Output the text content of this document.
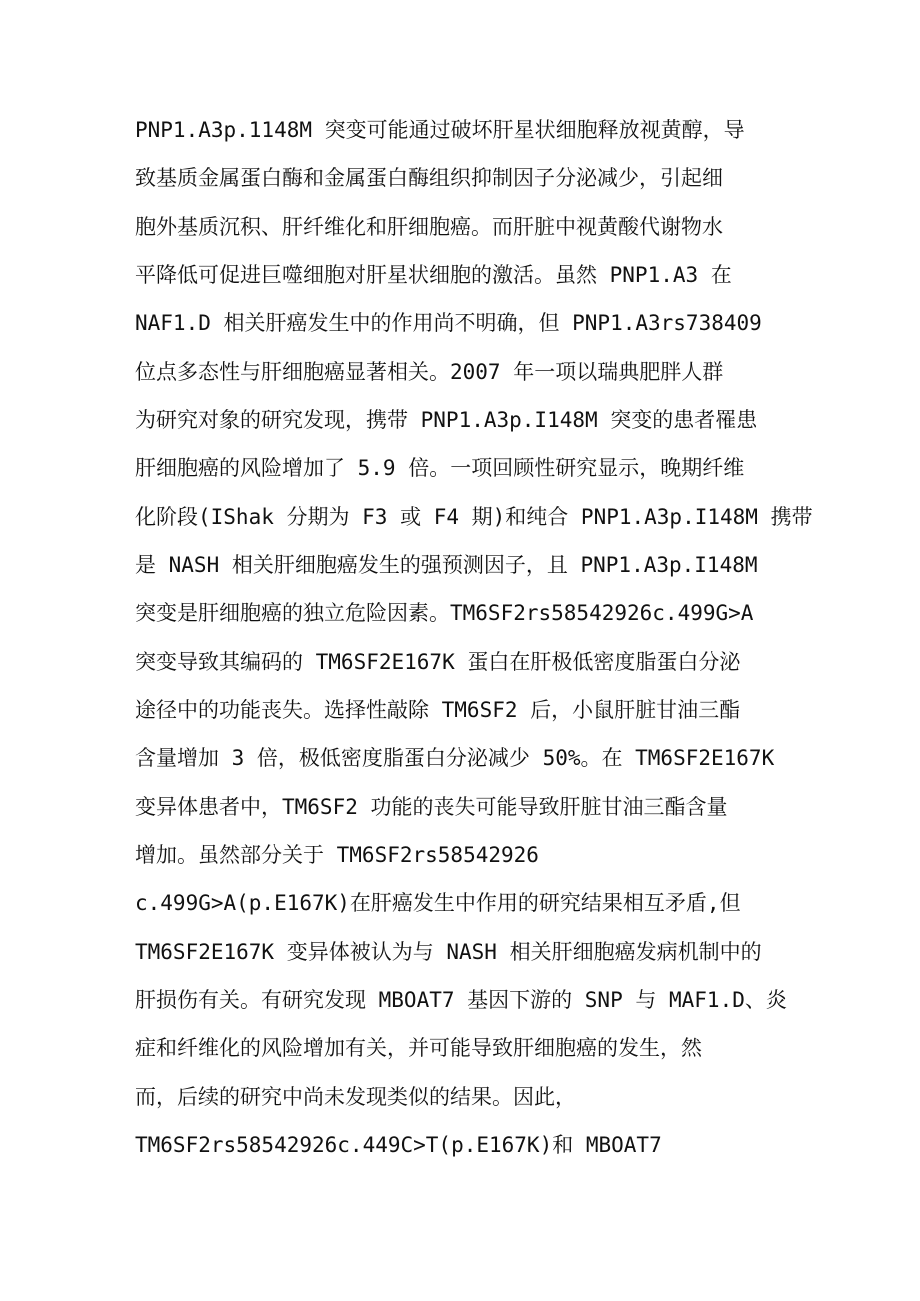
PNP1.A3p.1148M 突变可能通过破坏肝星状细胞释放视黄醇，导
致基质金属蛋白酶和金属蛋白酶组织抑制因子分泌减少，引起细
胞外基质沉积、肝纤维化和肝细胞癌。而肝脏中视黄酸代谢物水
平降低可促进巨噬细胞对肝星状细胞的激活。虽然 PNP1.A3 在
NAF1.D 相关肝癌发生中的作用尚不明确，但 PNP1.A3rs738409
位点多态性与肝细胞癌显著相关。2007 年一项以瑞典肥胖人群
为研究对象的研究发现，携带 PNP1.A3p.I148M 突变的患者罹患
肝细胞癌的风险增加了 5.9 倍。一项回顾性研究显示，晚期纤维
化阶段(IShak 分期为 F3 或 F4 期)和纯合 PNP1.A3p.I148M 携带
是 NASH 相关肝细胞癌发生的强预测因子，且 PNP1.A3p.I148M
突变是肝细胞癌的独立危险因素。TM6SF2rs58542926c.499G>A
突变导致其编码的 TM6SF2E167K 蛋白在肝极低密度脂蛋白分泌
途径中的功能丧失。选择性敲除 TM6SF2 后，小鼠肝脏甘油三酯
含量增加 3 倍，极低密度脂蛋白分泌减少 50%。在 TM6SF2E167K
变异体患者中，TM6SF2 功能的丧失可能导致肝脏甘油三酯含量
增加。虽然部分关于 TM6SF2rs58542926
c.499G>A(p.E167K)在肝癌发生中作用的研究结果相互矛盾,但
TM6SF2E167K 变异体被认为与 NASH 相关肝细胞癌发病机制中的
肝损伤有关。有研究发现 MBOAT7 基因下游的 SNP 与 MAF1.D、炎
症和纤维化的风险增加有关，并可能导致肝细胞癌的发生，然
而，后续的研究中尚未发现类似的结果。因此，
TM6SF2rs58542926c.449C>T(p.E167K)和 MBOAT7
